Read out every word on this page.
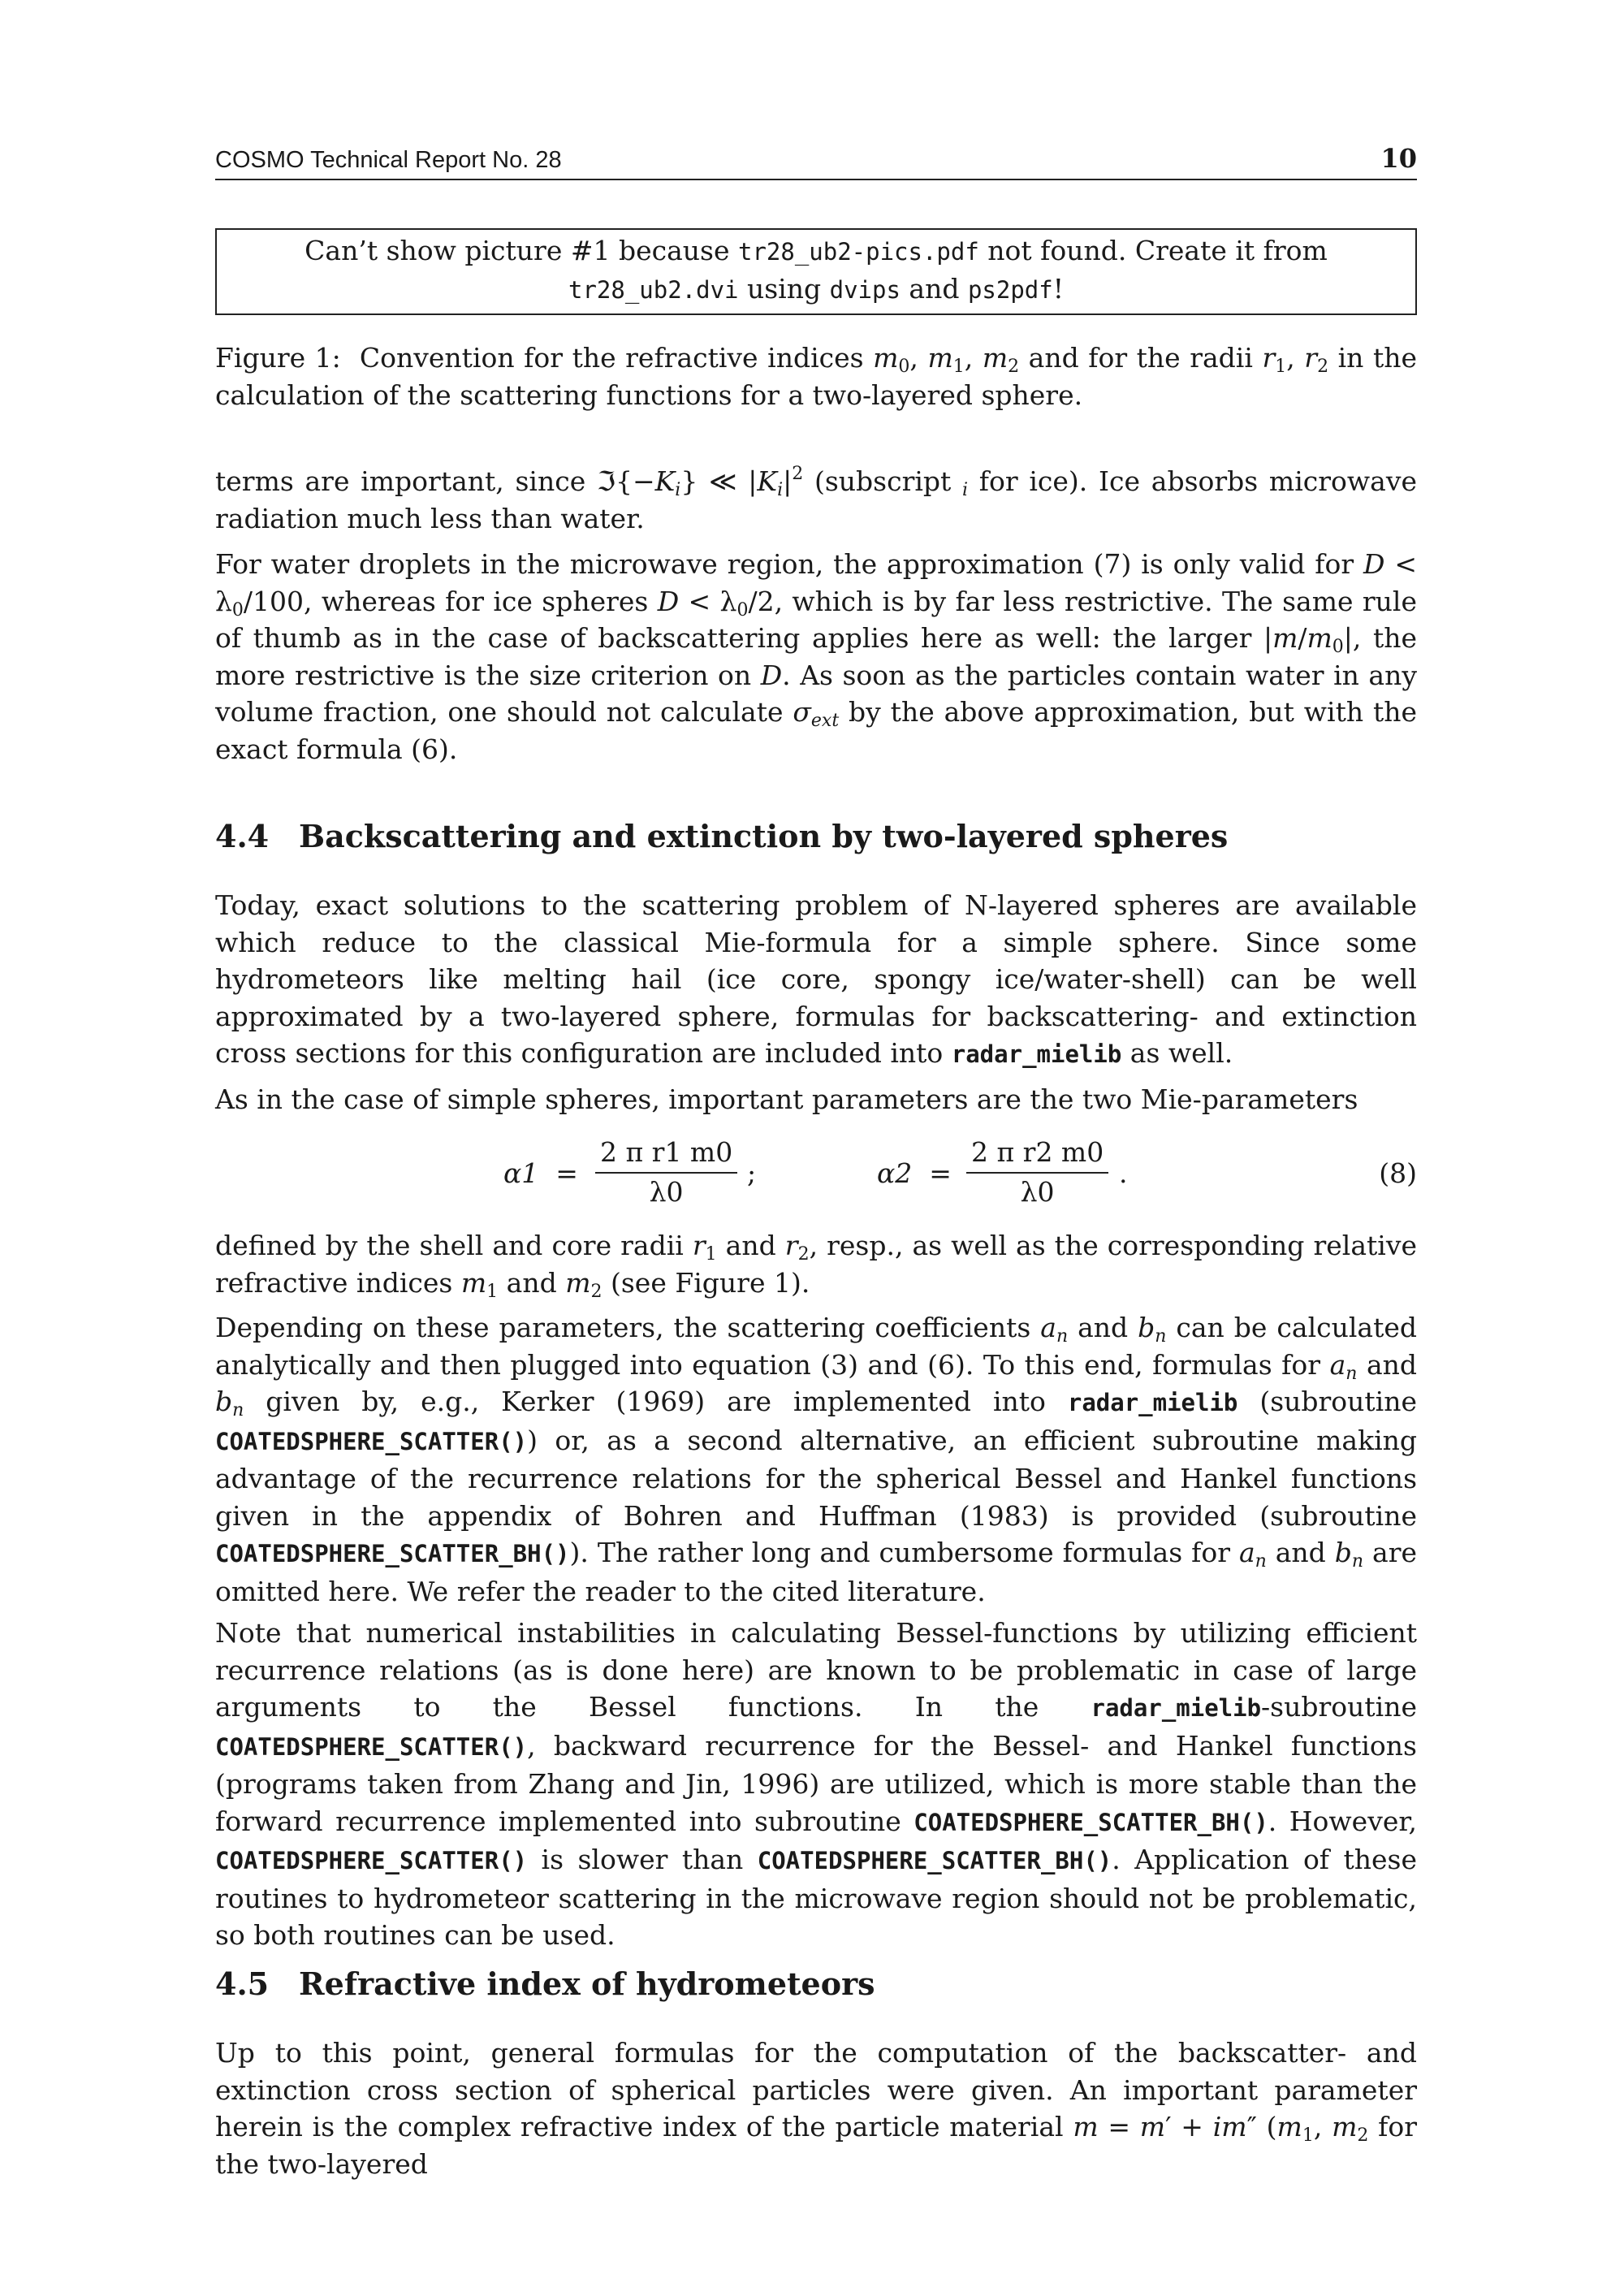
COSMO Technical Report No. 28	10
Can’t show picture #1 because tr28_ub2-pics.pdf not found. Create it from
tr28_ub2.dvi using dvips and ps2pdf!
Figure 1: Convention for the refractive indices $m_0$, $m_1$, $m_2$ and for the radii $r_1$, $r_2$ in the calculation of the scattering functions for a two-layered sphere.
terms are important, since $ℑ\{-K_i\}$ ≪ $|K_i|^2$ (subscript $_i$ for ice). Ice absorbs microwave radiation much less than water.
For water droplets in the microwave region, the approximation (7) is only valid for $D < \lambda_0/100$, whereas for ice spheres $D < \lambda_0/2$, which is by far less restrictive. The same rule of thumb as in the case of backscattering applies here as well: the larger $|m/m_0|$, the more restrictive is the size criterion on D. As soon as the particles contain water in any volume fraction, one should not calculate $\sigma_{ext}$ by the above approximation, but with the exact formula (6).
4.4 Backscattering and extinction by two-layered spheres
Today, exact solutions to the scattering problem of N-layered spheres are available which reduce to the classical Mie-formula for a simple sphere. Since some hydrometeors like melting hail (ice core, spongy ice/water-shell) can be well approximated by a two-layered sphere, formulas for backscattering- and extinction cross sections for this configuration are included into radar_mielib as well.
As in the case of simple spheres, important parameters are the two Mie-parameters
$\alpha 1 = \frac{\text{2 π r1 m0}}{\lambda 0}$ ;	$\alpha 2 = \frac{\text{2 π r2 m0}}{\lambda 0}$ .	(8)
defined by the shell and core radii $r_1$ and $r_2$, resp., as well as the corresponding relative refractive indices $m_1$ and $m_2$ (see Figure 1).
Depending on these parameters, the scattering coefficients $a_n$ and $b_n$ can be calculated analytically and then plugged into equation (3) and (6). To this end, formulas for $a_n$ and $b_n$ given by, e.g., Kerker (1969) are implemented into radar_mielib (subroutine COATEDSPHERE_SCATTER()) or, as a second alternative, an efficient subroutine making advantage of the recurrence relations for the spherical Bessel and Hankel functions given in the appendix of Bohren and Huffman (1983) is provided (subroutine COATEDSPHERE_SCATTER_BH()). The rather long and cumbersome formulas for $a_n$ and $b_n$ are omitted here. We refer the reader to the cited literature.
Note that numerical instabilities in calculating Bessel-functions by utilizing efficient recurrence relations (as is done here) are known to be problematic in case of large arguments to the Bessel functions. In the radar_mielib-subroutine COATEDSPHERE_SCATTER(), backward recurrence for the Bessel- and Hankel functions (programs taken from Zhang and Jin, 1996) are utilized, which is more stable than the forward recurrence implemented into subroutine COATEDSPHERE_SCATTER_BH(). However, COATEDSPHERE_SCATTER() is slower than COATEDSPHERE_SCATTER_BH(). Application of these routines to hydrometeor scattering in the microwave region should not be problematic, so both routines can be used.
4.5 Refractive index of hydrometeors
Up to this point, general formulas for the computation of the backscatter- and extinction cross section of spherical particles were given. An important parameter herein is the complex refractive index of the particle material m = m′ + im″ ($m_1$, $m_2$ for the two-layered
